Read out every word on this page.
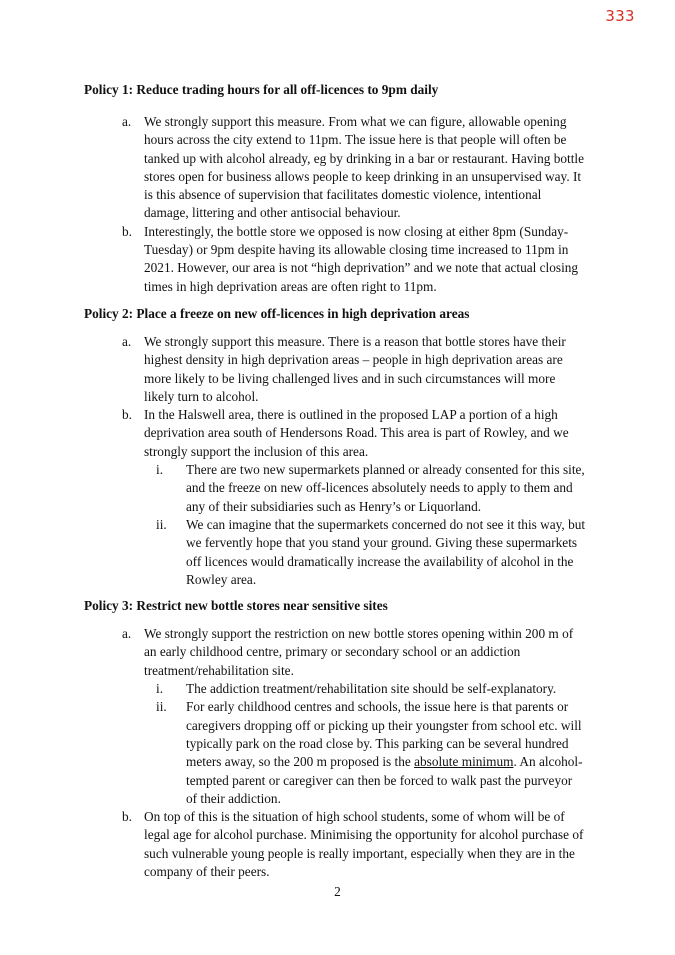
333

Policy 1: Reduce trading hours for all off-licences to 9pm daily

a. We strongly support this measure. From what we can figure, allowable opening
hours across the city extend to 11pm. The issue here is that people will often be
tanked up with alcohol already, eg by drinking in a bar or restaurant. Having bottle
stores open for business allows people to keep drinking in an unsupervised way. It
is this absence of supervision that facilitates domestic violence, intentional
damage, littering and other antisocial behaviour.
b. Interestingly, the bottle store we opposed is now closing at either 8pm (Sunday-
Tuesday) or 9pm despite having its allowable closing time increased to 11pm in
2021. However, our area is not “high deprivation” and we note that actual closing
times in high deprivation areas are often right to 11pm.

Policy 2: Place a freeze on new off-licences in high deprivation areas

a. We strongly support this measure. There is a reason that bottle stores have their
highest density in high deprivation areas – people in high deprivation areas are
more likely to be living challenged lives and in such circumstances will more
likely turn to alcohol.
b. In the Halswell area, there is outlined in the proposed LAP a portion of a high
deprivation area south of Hendersons Road. This area is part of Rowley, and we
strongly support the inclusion of this area.
i.	There are two new supermarkets planned or already consented for this site,
and the freeze on new off-licences absolutely needs to apply to them and
any of their subsidiaries such as Henry’s or Liquorland.
ii.	We can imagine that the supermarkets concerned do not see it this way, but
we fervently hope that you stand your ground. Giving these supermarkets
off licences would dramatically increase the availability of alcohol in the
Rowley area.

Policy 3: Restrict new bottle stores near sensitive sites

a. We strongly support the restriction on new bottle stores opening within 200 m of
an early childhood centre, primary or secondary school or an addiction
treatment/rehabilitation site.
i.	The addiction treatment/rehabilitation site should be self-explanatory.
ii.	For early childhood centres and schools, the issue here is that parents or
caregivers dropping off or picking up their youngster from school etc. will
typically park on the road close by. This parking can be several hundred
meters away, so the 200 m proposed is the absolute minimum. An alcohol-
tempted parent or caregiver can then be forced to walk past the purveyor
of their addiction.
b. On top of this is the situation of high school students, some of whom will be of
legal age for alcohol purchase. Minimising the opportunity for alcohol purchase of
such vulnerable young people is really important, especially when they are in the
company of their peers.
2
